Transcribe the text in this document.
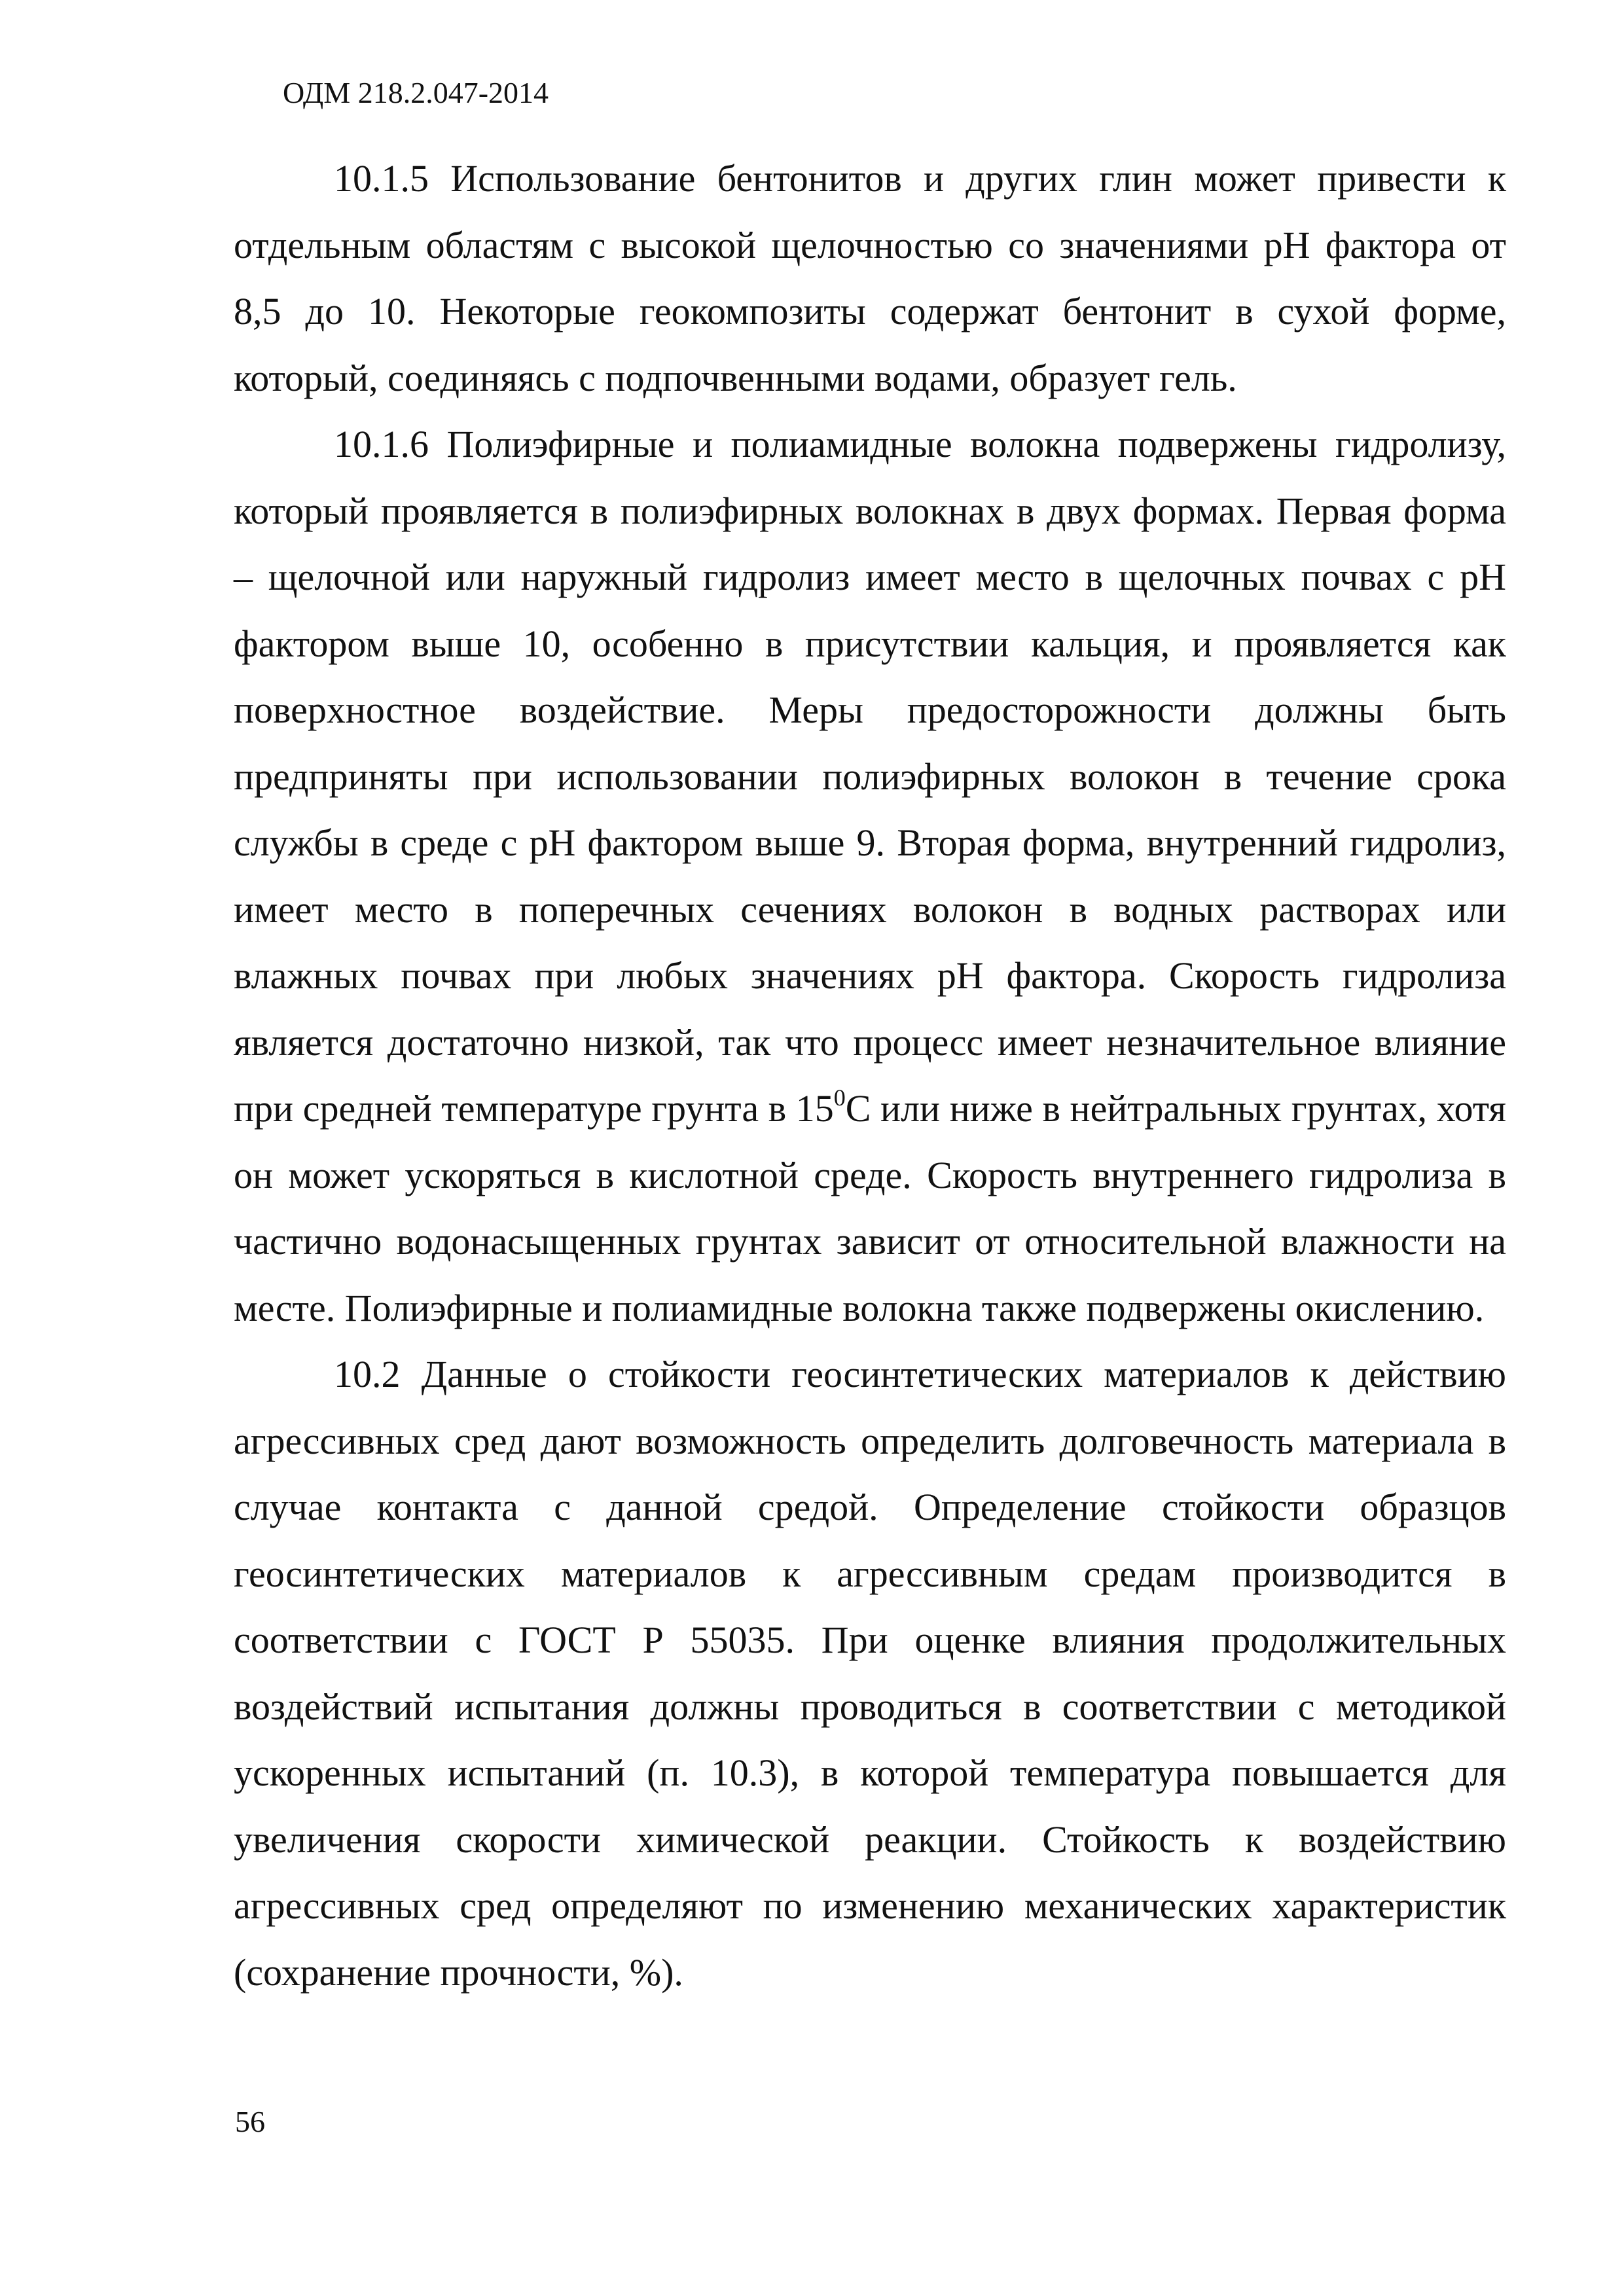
ОДМ 218.2.047-2014

10.1.5 Использование бентонитов и других глин может привести к отдельным областям с высокой щелочностью со значениями pH фактора от 8,5 до 10. Некоторые геокомпозиты содержат бентонит в сухой форме, который, соединяясь с подпочвенными водами, образует гель.

10.1.6 Полиэфирные и полиамидные волокна подвержены гидролизу, который проявляется в полиэфирных волокнах в двух формах. Первая форма – щелочной или наружный гидролиз имеет место в щелочных почвах с pH фактором выше 10, особенно в присутствии кальция, и проявляется как поверхностное воздействие. Меры предосторожности должны быть предприняты при использовании полиэфирных волокон в течение срока службы в среде с pH фактором выше 9. Вторая форма, внутренний гидролиз, имеет место в поперечных сечениях волокон в водных растворах или влажных почвах при любых значениях pH фактора. Скорость гидролиза является достаточно низкой, так что процесс имеет незначительное влияние при средней температуре грунта в $15^0С$ или ниже в нейтральных грунтах, хотя он может ускоряться в кислотной среде. Скорость внутреннего гидролиза в частично водонасыщенных грунтах зависит от относительной влажности на месте. Полиэфирные и полиамидные волокна также подвержены окислению.

10.2 Данные о стойкости геосинтетических материалов к действию агрессивных сред дают возможность определить долговечность материала в случае контакта с данной средой. Определение стойкости образцов геосинтетических материалов к агрессивным средам производится в соответствии с ГОСТ Р 55035. При оценке влияния продолжительных воздействий испытания должны проводиться в соответствии с методикой ускоренных испытаний (п. 10.3), в которой температура повышается для увеличения скорости химической реакции. Стойкость к воздействию агрессивных сред определяют по изменению механических характеристик (сохранение прочности, %).

56
